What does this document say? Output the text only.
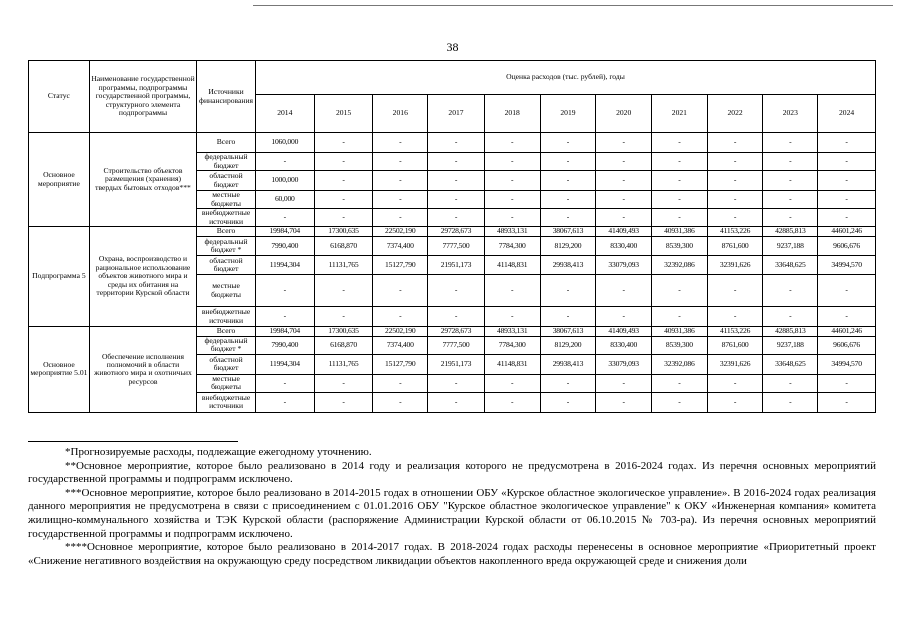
38
Статус	Наименование государственной программы, подпрограммы государственной программы, структурного элемента подпрограммы	Источники финансирования	Оценка расходов (тыс. рублей), годы										
			2014	2015	2016	2017	2018	2019	2020	2021	2022	2023	2024
Основное мероприятие	Строительство объектов размещения (хранения) твердых бытовых отходов***	Всего	1060,000	-	-	-	-	-	-	-	-	-	-
		федеральный бюджет	-	-	-	-	-	-	-	-	-	-	-
		областной бюджет	1000,000	-	-	-	-	-	-	-	-	-	-
		местные бюджеты	60,000	-	-	-	-	-	-	-	-	-	-
		внебюджетные источники	-	-	-	-	-	-	-	-	-	-	-
Подпрограмма 5	Охрана, воспроизводство и рациональное использование объектов животного мира и среды их обитания на территории Курской области	Всего	19984,704	17300,635	22502,190	29728,673	48933,131	38067,613	41409,493	40931,386	41153,226	42885,813	44601,246
		федеральный бюджет *	7990,400	6168,870	7374,400	7777,500	7784,300	8129,200	8330,400	8539,300	8761,600	9237,188	9606,676
		областной бюджет	11994,304	11131,765	15127,790	21951,173	41148,831	29938,413	33079,093	32392,086	32391,626	33648,625	34994,570
		местные бюджеты	-	-	-	-	-	-	-	-	-	-	-
		внебюджетные источники	-	-	-	-	-	-	-	-	-	-	-
Основное мероприятие 5.01	Обеспечение исполнения полномочий в области животного мира и охотничьих ресурсов	Всего	19984,704	17300,635	22502,190	29728,673	48933,131	38067,613	41409,493	40931,386	41153,226	42885,813	44601,246
		федеральный бюджет *	7990,400	6168,870	7374,400	7777,500	7784,300	8129,200	8330,400	8539,300	8761,600	9237,188	9606,676
		областной бюджет	11994,304	11131,765	15127,790	21951,173	41148,831	29938,413	33079,093	32392,086	32391,626	33648,625	34994,570
		местные бюджеты	-	-	-	-	-	-	-	-	-	-	-
		внебюджетные источники	-	-	-	-	-	-	-	-	-	-	-

*Прогнозируемые расходы, подлежащие ежегодному уточнению.

**Основное мероприятие, которое было реализовано в 2014 году и реализация которого не предусмотрена в 2016-2024 годах. Из перечня основных мероприятий государственной программы и подпрограмм исключено.

***Основное мероприятие, которое было реализовано в 2014-2015 годах в отношении ОБУ «Курское областное экологическое управление». В 2016-2024 годах реализация данного мероприятия не предусмотрена в связи с присоединением с 01.01.2016 ОБУ "Курское областное экологическое управление" к ОКУ «Инженерная компания» комитета жилищно-коммунального хозяйства и ТЭК Курской области (распоряжение Администрации Курской области от 06.10.2015 № 703-ра). Из перечня основных мероприятий государственной программы и подпрограмм исключено.

****Основное мероприятие, которое было реализовано в 2014-2017 годах. В 2018-2024 годах расходы перенесены в основное мероприятие «Приоритетный проект «Снижение негативного воздействия на окружающую среду посредством ликвидации объектов накопленного вреда окружающей среде и снижения доли
